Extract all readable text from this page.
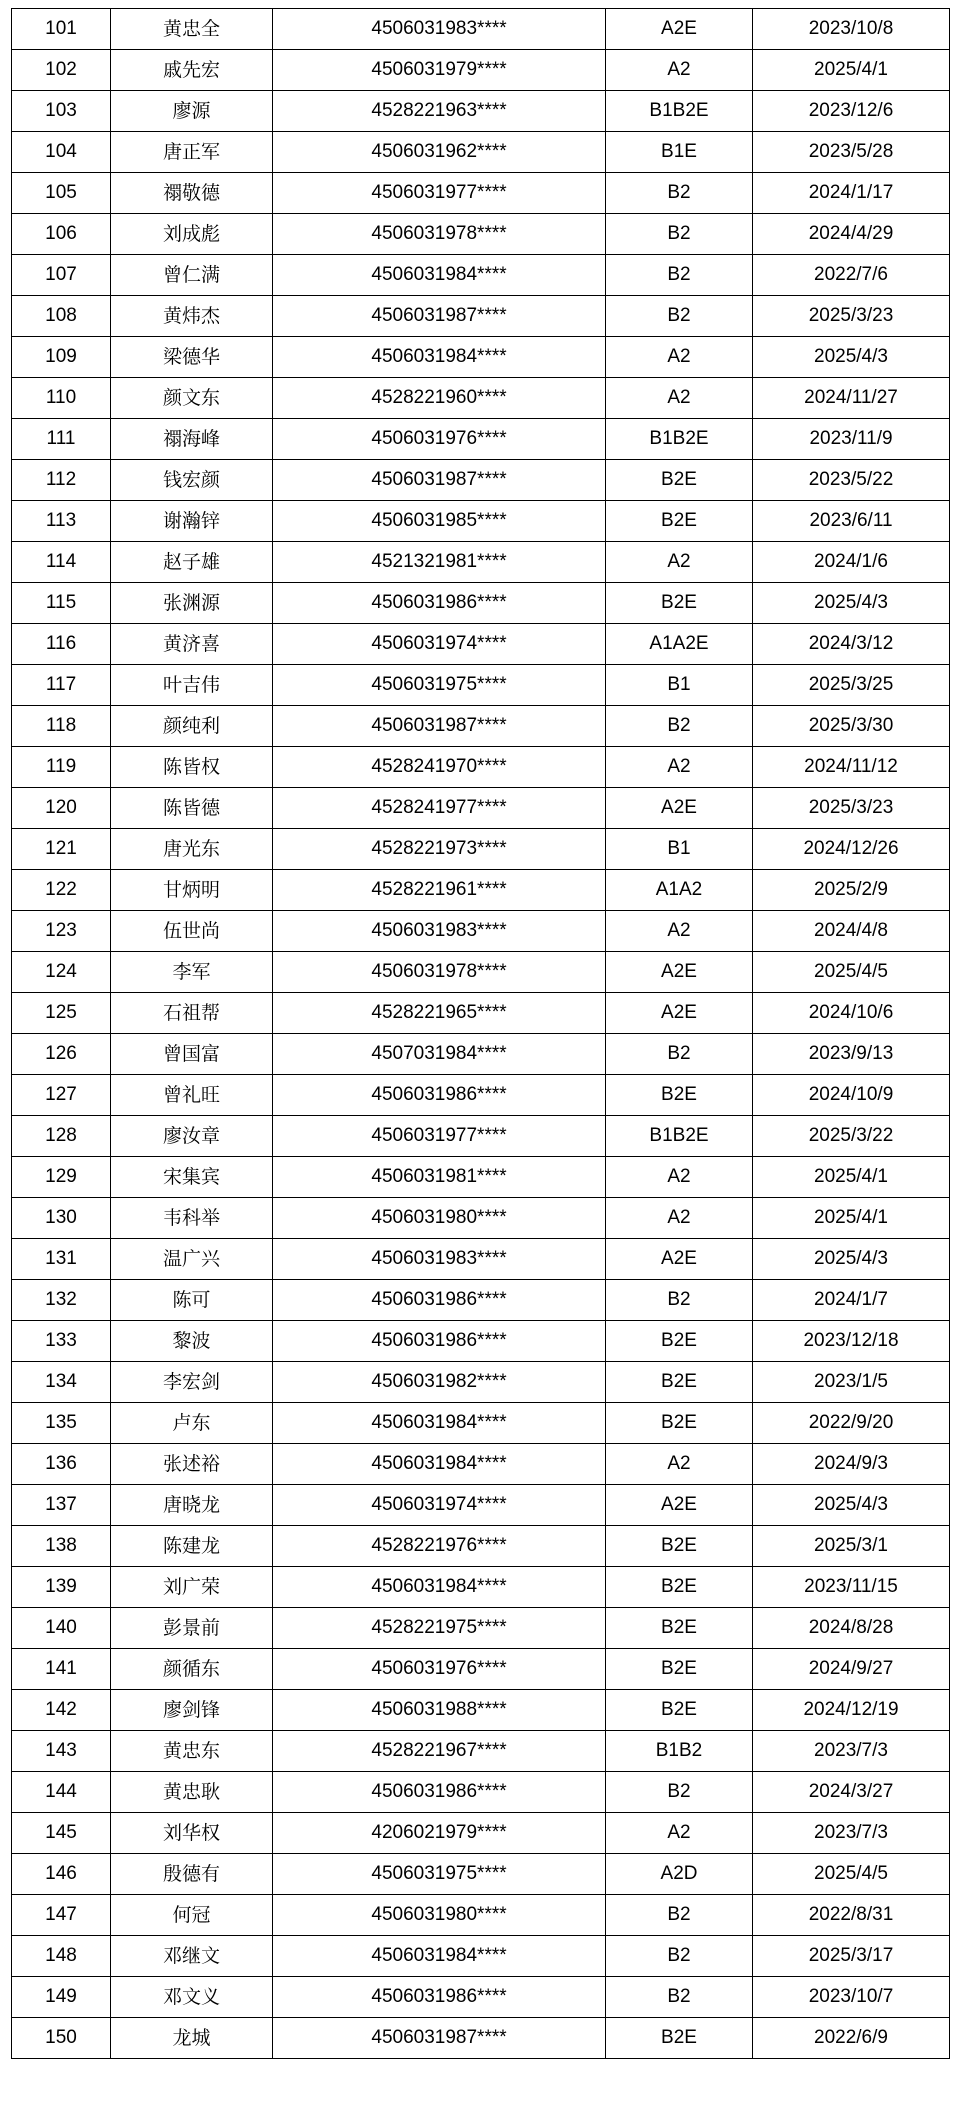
101	黄忠全	4506031983****	A2E	2023/10/8
102	戚先宏	4506031979****	A2	2025/4/1
103	廖源	4528221963****	B1B2E	2023/12/6
104	唐正军	4506031962****	B1E	2023/5/28
105	禤敬德	4506031977****	B2	2024/1/17
106	刘成彪	4506031978****	B2	2024/4/29
107	曾仁满	4506031984****	B2	2022/7/6
108	黄炜杰	4506031987****	B2	2025/3/23
109	梁德华	4506031984****	A2	2025/4/3
110	颜文东	4528221960****	A2	2024/11/27
111	禤海峰	4506031976****	B1B2E	2023/11/9
112	钱宏颜	4506031987****	B2E	2023/5/22
113	谢瀚锌	4506031985****	B2E	2023/6/11
114	赵子雄	4521321981****	A2	2024/1/6
115	张渊源	4506031986****	B2E	2025/4/3
116	黄济喜	4506031974****	A1A2E	2024/3/12
117	叶吉伟	4506031975****	B1	2025/3/25
118	颜纯利	4506031987****	B2	2025/3/30
119	陈皆权	4528241970****	A2	2024/11/12
120	陈皆德	4528241977****	A2E	2025/3/23
121	唐光东	4528221973****	B1	2024/12/26
122	甘炳明	4528221961****	A1A2	2025/2/9
123	伍世尚	4506031983****	A2	2024/4/8
124	李军	4506031978****	A2E	2025/4/5
125	石祖帮	4528221965****	A2E	2024/10/6
126	曾国富	4507031984****	B2	2023/9/13
127	曾礼旺	4506031986****	B2E	2024/10/9
128	廖汝章	4506031977****	B1B2E	2025/3/22
129	宋集宾	4506031981****	A2	2025/4/1
130	韦科举	4506031980****	A2	2025/4/1
131	温广兴	4506031983****	A2E	2025/4/3
132	陈可	4506031986****	B2	2024/1/7
133	黎波	4506031986****	B2E	2023/12/18
134	李宏剑	4506031982****	B2E	2023/1/5
135	卢东	4506031984****	B2E	2022/9/20
136	张述裕	4506031984****	A2	2024/9/3
137	唐晓龙	4506031974****	A2E	2025/4/3
138	陈建龙	4528221976****	B2E	2025/3/1
139	刘广荣	4506031984****	B2E	2023/11/15
140	彭景前	4528221975****	B2E	2024/8/28
141	颜循东	4506031976****	B2E	2024/9/27
142	廖剑锋	4506031988****	B2E	2024/12/19
143	黄忠东	4528221967****	B1B2	2023/7/3
144	黄忠耿	4506031986****	B2	2024/3/27
145	刘华权	4206021979****	A2	2023/7/3
146	殷德有	4506031975****	A2D	2025/4/5
147	何冠	4506031980****	B2	2022/8/31
148	邓继文	4506031984****	B2	2025/3/17
149	邓文义	4506031986****	B2	2023/10/7
150	龙城	4506031987****	B2E	2022/6/9
